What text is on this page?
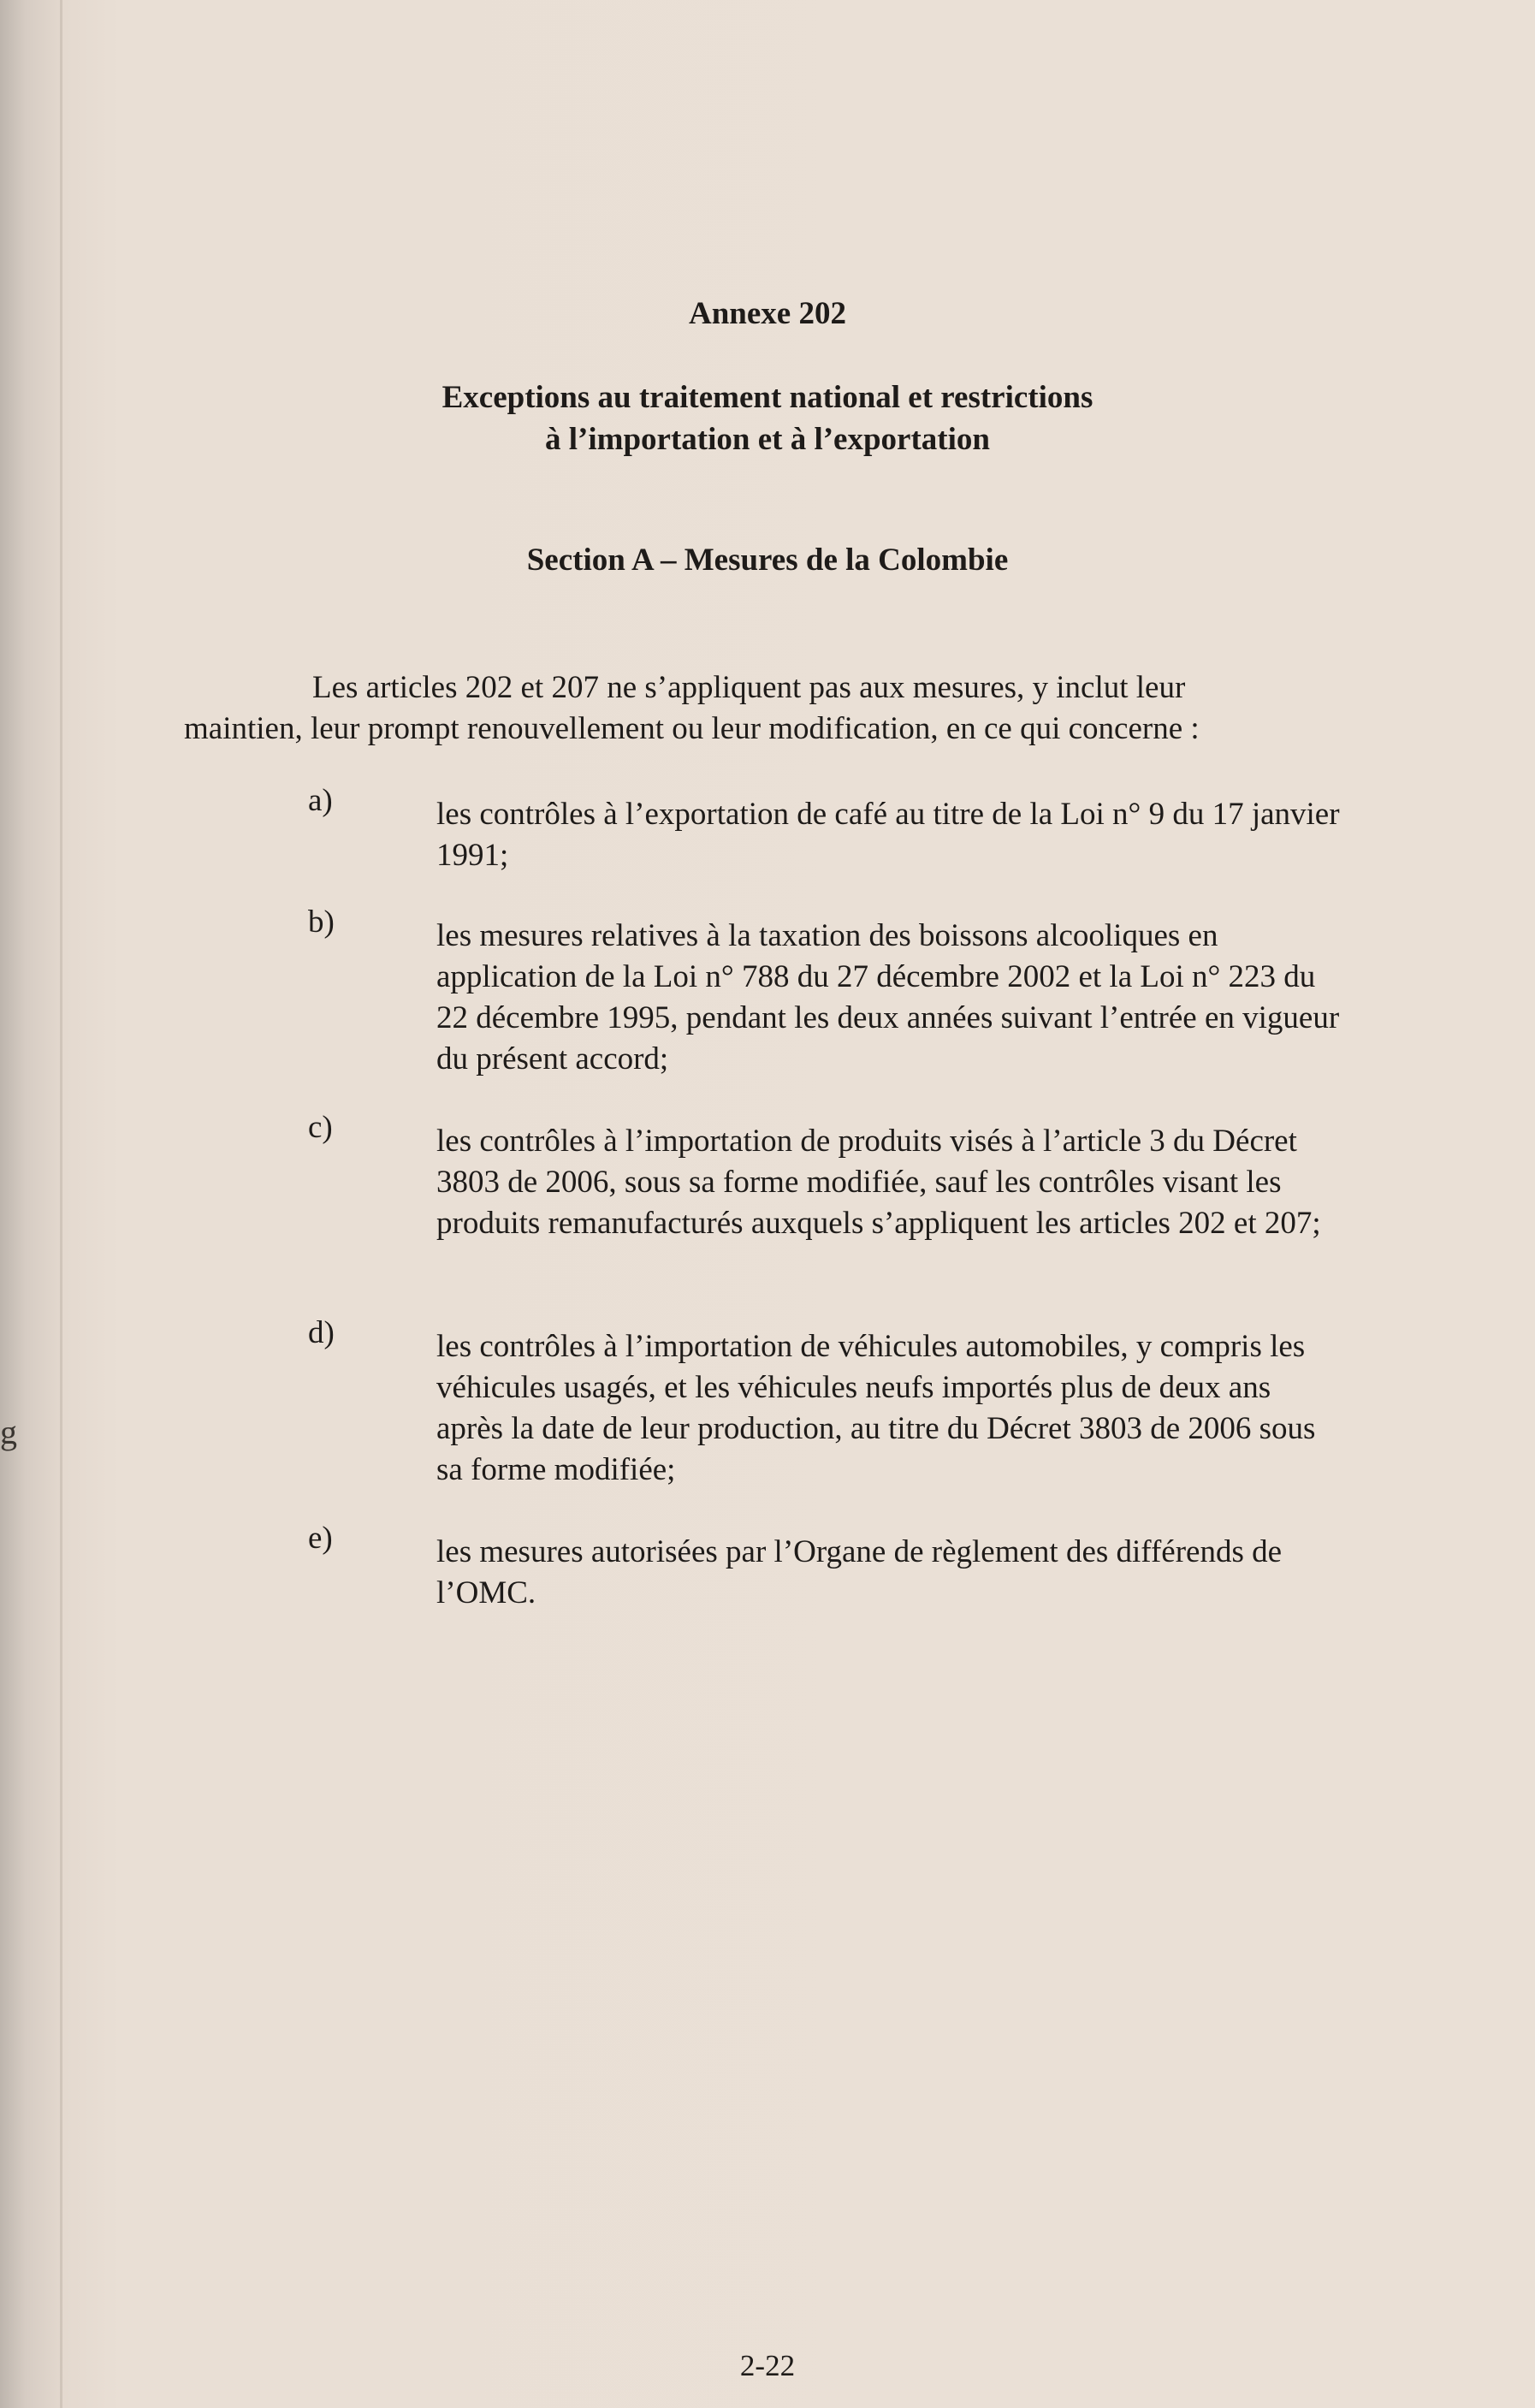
g
Annexe 202
Exceptions au traitement national et restrictions
à l’importation et à l’exportation
Section A – Mesures de la Colombie
Les articles 202 et 207 ne s’appliquent pas aux mesures, y inclut leur
maintien, leur prompt renouvellement ou leur modification, en ce qui concerne :
a)	les contrôles à l’exportation de café au titre de la Loi n° 9 du 17 janvier 1991;
b)	les mesures relatives à la taxation des boissons alcooliques en application de la Loi n° 788 du 27 décembre 2002 et la Loi n° 223 du 22 décembre 1995, pendant les deux années suivant l’entrée en vigueur du présent accord;
c)	les contrôles à l’importation de produits visés à l’article 3 du Décret 3803 de 2006, sous sa forme modifiée, sauf les contrôles visant les produits remanufacturés auxquels s’appliquent les articles 202 et 207;
d)	les contrôles à l’importation de véhicules automobiles, y compris les véhicules usagés, et les véhicules neufs importés plus de deux ans après la date de leur production, au titre du Décret 3803 de 2006 sous sa forme modifiée;
e)	les mesures autorisées par l’Organe de règlement des différends de l’OMC.
2-22
